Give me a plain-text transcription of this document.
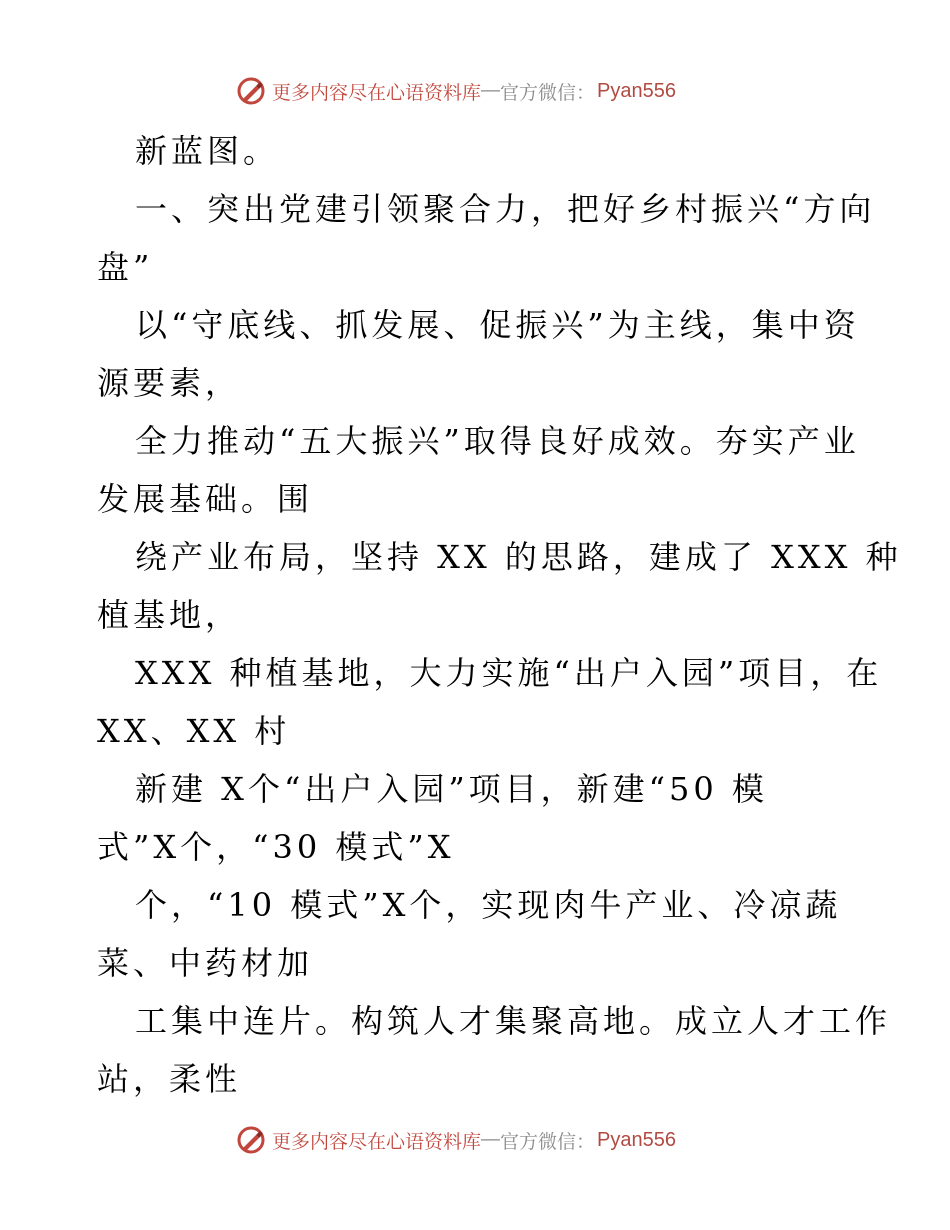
更多内容尽在心语资料库 — 官方微信： Pyan556
新蓝图。
一、突出党建引领聚合力，把好乡村振兴“方向
盘”
以“守底线、抓发展、促振兴”为主线，集中资
源要素，
全力推动“五大振兴”取得良好成效。夯实产业
发展基础。围
绕产业布局，坚持 XX 的思路，建成了 XXX 种
植基地，
XXX 种植基地，大力实施“出户入园”项目，在
XX、XX 村
新建 X个“出户入园”项目，新建“50 模
式”X个，“30 模式”X
个，“10 模式”X个，实现肉牛产业、冷凉蔬
菜、中药材加
工集中连片。构筑人才集聚高地。成立人才工作
站，柔性
更多内容尽在心语资料库 — 官方微信： Pyan556
